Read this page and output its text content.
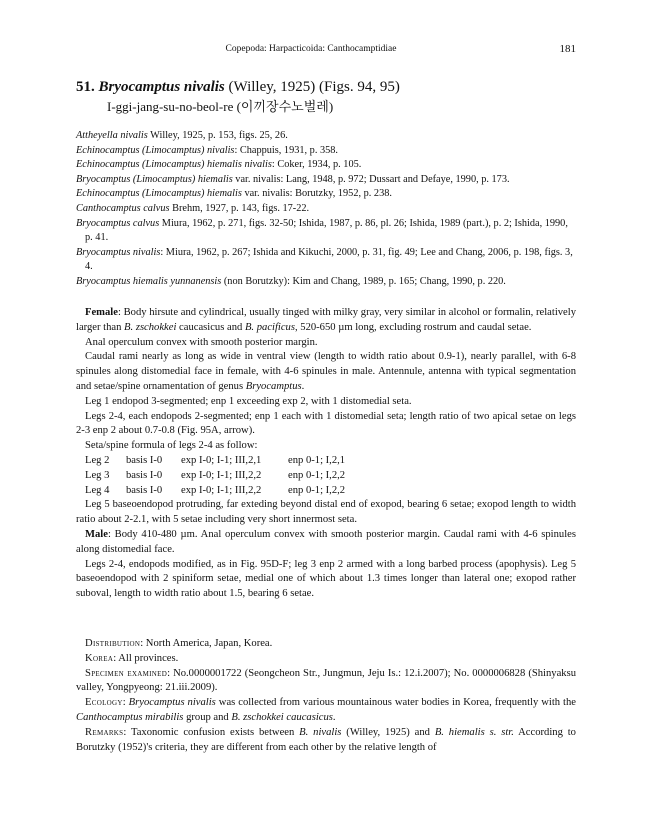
Copepoda: Harpacticoida: Canthocamptidiae	181
51. Bryocamptus nivalis (Willey, 1925) (Figs. 94, 95)
I-ggi-jang-su-no-beol-re (이끼장수노벌레)
Attheyella nivalis Willey, 1925, p. 153, figs. 25, 26.
Echinocamptus (Limocamptus) nivalis: Chappuis, 1931, p. 358.
Echinocamptus (Limocamptus) hiemalis nivalis: Coker, 1934, p. 105.
Bryocamptus (Limocamptus) hiemalis var. nivalis: Lang, 1948, p. 972; Dussart and Defaye, 1990, p. 173.
Echinocamptus (Limocamptus) hiemalis var. nivalis: Borutzky, 1952, p. 238.
Canthocamptus calvus Brehm, 1927, p. 143, figs. 17-22.
Bryocamptus calvus Miura, 1962, p. 271, figs. 32-50; Ishida, 1987, p. 86, pl. 26; Ishida, 1989 (part.), p. 2; Ishida, 1990, p. 41.
Bryocamptus nivalis: Miura, 1962, p. 267; Ishida and Kikuchi, 2000, p. 31, fig. 49; Lee and Chang, 2006, p. 198, figs. 3, 4.
Bryocamptus hiemalis yunnanensis (non Borutzky): Kim and Chang, 1989, p. 165; Chang, 1990, p. 220.

Female: Body hirsute and cylindrical, usually tinged with milky gray, very similar in alcohol or formalin, relatively larger than B. zschokkei caucasicus and B. pacificus, 520-650 µm long, excluding rostrum and caudal setae.

Anal operculum convex with smooth posterior margin.

Caudal rami nearly as long as wide in ventral view (length to width ratio about 0.9-1), nearly parallel, with 6-8 spinules along distomedial face in female, with 4-6 spinules in male. Antennule, antenna with typical segmentation and setae/spine ornamentation of genus Bryocamptus.

Leg 1 endopod 3-segmented; enp 1 exceeding exp 2, with 1 distomedial seta.

Legs 2-4, each endopods 2-segmented; enp 1 each with 1 distomedial seta; length ratio of two apical setae on legs 2-3 enp 2 about 0.7-0.8 (Fig. 95A, arrow).

Seta/spine formula of legs 2-4 as follow:

Leg 2	basis I-0	exp I-0; I-1; III,2,1	enp 0-1; I,2,1
Leg 3	basis I-0	exp I-0; I-1; III,2,2	enp 0-1; I,2,2
Leg 4	basis I-0	exp I-0; I-1; III,2,2	enp 0-1; I,2,2

Leg 5 baseoendopod protruding, far exteding beyond distal end of exopod, bearing 6 setae; exopod length to width ratio about 2-2.1, with 5 setae including very short innermost seta.

Male: Body 410-480 µm. Anal operculum convex with smooth posterior margin. Caudal rami with 4-6 spinules along distomedial face.

Legs 2-4, endopods modified, as in Fig. 95D-F; leg 3 enp 2 armed with a long barbed process (apophysis). Leg 5 baseoendopod with 2 spiniform setae, medial one of which about 1.3 times longer than lateral one; exopod rather suboval, length to width ratio about 1.5, bearing 6 setae.

Distribution: North America, Japan, Korea.

Korea: All provinces.

Specimen examined: No.0000001722 (Seongcheon Str., Jungmun, Jeju Is.: 12.i.2007); No. 0000006828 (Shinyaksu valley, Yongpyeong: 21.iii.2009).

Ecology: Bryocamptus nivalis was collected from various mountainous water bodies in Korea, frequently with the Canthocamptus mirabilis group and B. zschokkei caucasicus.

Remarks: Taxonomic confusion exists between B. nivalis (Willey, 1925) and B. hiemalis s. str. According to Borutzky (1952)'s criteria, they are different from each other by the relative length of
